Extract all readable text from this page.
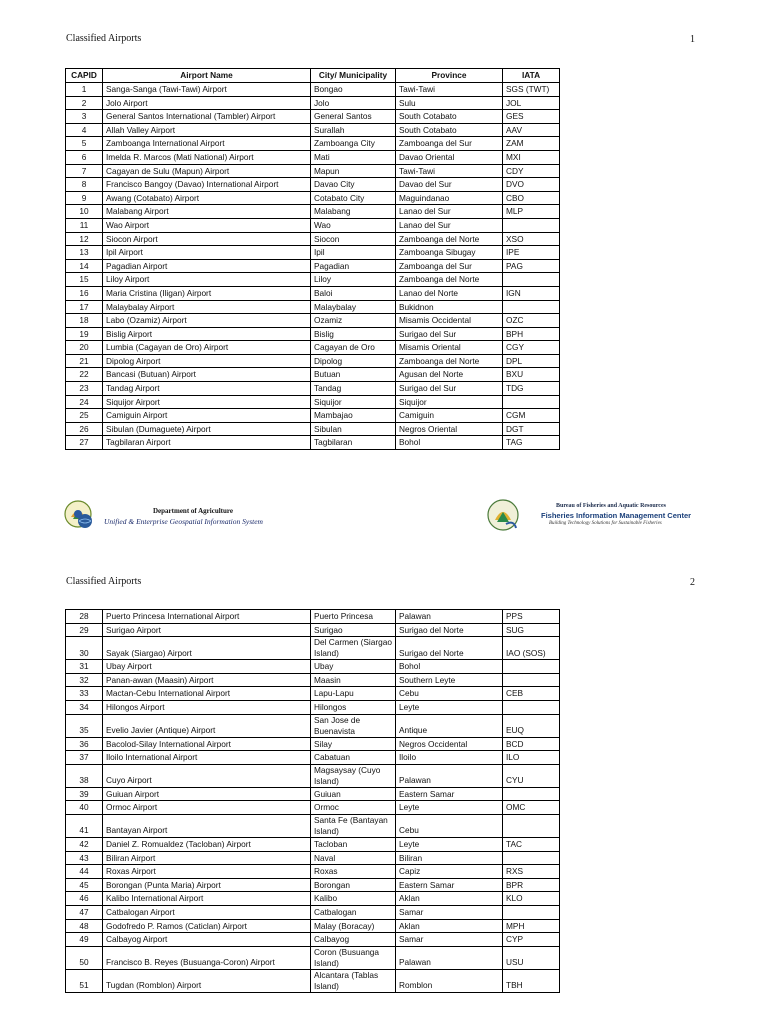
Classified Airports	1
CAPID	Airport Name	City/ Municipality	Province	IATA
1	Sanga-Sanga (Tawi-Tawi) Airport	Bongao	Tawi-Tawi	SGS (TWT)
2	Jolo Airport	Jolo	Sulu	JOL
3	General Santos International (Tambler) Airport	General Santos	South Cotabato	GES
4	Allah Valley Airport	Surallah	South Cotabato	AAV
5	Zamboanga International Airport	Zamboanga City	Zamboanga del Sur	ZAM
6	Imelda R. Marcos (Mati National) Airport	Mati	Davao Oriental	MXI
7	Cagayan de Sulu (Mapun) Airport	Mapun	Tawi-Tawi	CDY
8	Francisco Bangoy (Davao) International Airport	Davao City	Davao del Sur	DVO
9	Awang (Cotabato) Airport	Cotabato City	Maguindanao	CBO
10	Malabang Airport	Malabang	Lanao del Sur	MLP
11	Wao Airport	Wao	Lanao del Sur	
12	Siocon Airport	Siocon	Zamboanga del Norte	XSO
13	Ipil Airport	Ipil	Zamboanga Sibugay	IPE
14	Pagadian Airport	Pagadian	Zamboanga del Sur	PAG
15	Liloy Airport	Liloy	Zamboanga del Norte	
16	Maria Cristina (Iligan) Airport	Baloi	Lanao del Norte	IGN
17	Malaybalay Airport	Malaybalay	Bukidnon	
18	Labo (Ozamiz) Airport	Ozamiz	Misamis Occidental	OZC
19	Bislig Airport	Bislig	Surigao del Sur	BPH
20	Lumbia (Cagayan de Oro) Airport	Cagayan de Oro	Misamis Oriental	CGY
21	Dipolog Airport	Dipolog	Zamboanga del Norte	DPL
22	Bancasi (Butuan) Airport	Butuan	Agusan del Norte	BXU
23	Tandag Airport	Tandag	Surigao del Sur	TDG
24	Siquijor Airport	Siquijor	Siquijor	
25	Camiguin Airport	Mambajao	Camiguin	CGM
26	Sibulan (Dumaguete) Airport	Sibulan	Negros Oriental	DGT
27	Tagbilaran Airport	Tagbilaran	Bohol	TAG
Department of Agriculture
Unified & Enterprise Geospatial Information System
Bureau of Fisheries and Aquatic Resources
Fisheries Information Management Center
Building Technology Solutions for Sustainable Fisheries
Classified Airports	2
28	Puerto Princesa International Airport	Puerto Princesa	Palawan	PPS
29	Surigao Airport	Surigao	Surigao del Norte	SUG
30	Sayak (Siargao) Airport	Del Carmen (Siargao Island)	Surigao del Norte	IAO (SOS)
31	Ubay Airport	Ubay	Bohol	
32	Panan-awan (Maasin) Airport	Maasin	Southern Leyte	
33	Mactan-Cebu International Airport	Lapu-Lapu	Cebu	CEB
34	Hilongos Airport	Hilongos	Leyte	
35	Evelio Javier (Antique) Airport	San Jose de Buenavista	Antique	EUQ
36	Bacolod-Silay International Airport	Silay	Negros Occidental	BCD
37	Iloilo International Airport	Cabatuan	Iloilo	ILO
38	Cuyo Airport	Magsaysay (Cuyo Island)	Palawan	CYU
39	Guiuan Airport	Guiuan	Eastern Samar	
40	Ormoc Airport	Ormoc	Leyte	OMC
41	Bantayan Airport	Santa Fe (Bantayan Island)	Cebu	
42	Daniel Z. Romualdez (Tacloban) Airport	Tacloban	Leyte	TAC
43	Biliran Airport	Naval	Biliran	
44	Roxas Airport	Roxas	Capiz	RXS
45	Borongan (Punta Maria) Airport	Borongan	Eastern Samar	BPR
46	Kalibo International Airport	Kalibo	Aklan	KLO
47	Catbalogan Airport	Catbalogan	Samar	
48	Godofredo P. Ramos (Caticlan) Airport	Malay (Boracay)	Aklan	MPH
49	Calbayog Airport	Calbayog	Samar	CYP
50	Francisco B. Reyes (Busuanga-Coron) Airport	Coron (Busuanga Island)	Palawan	USU
51	Tugdan (Romblon) Airport	Alcantara (Tablas Island)	Romblon	TBH
